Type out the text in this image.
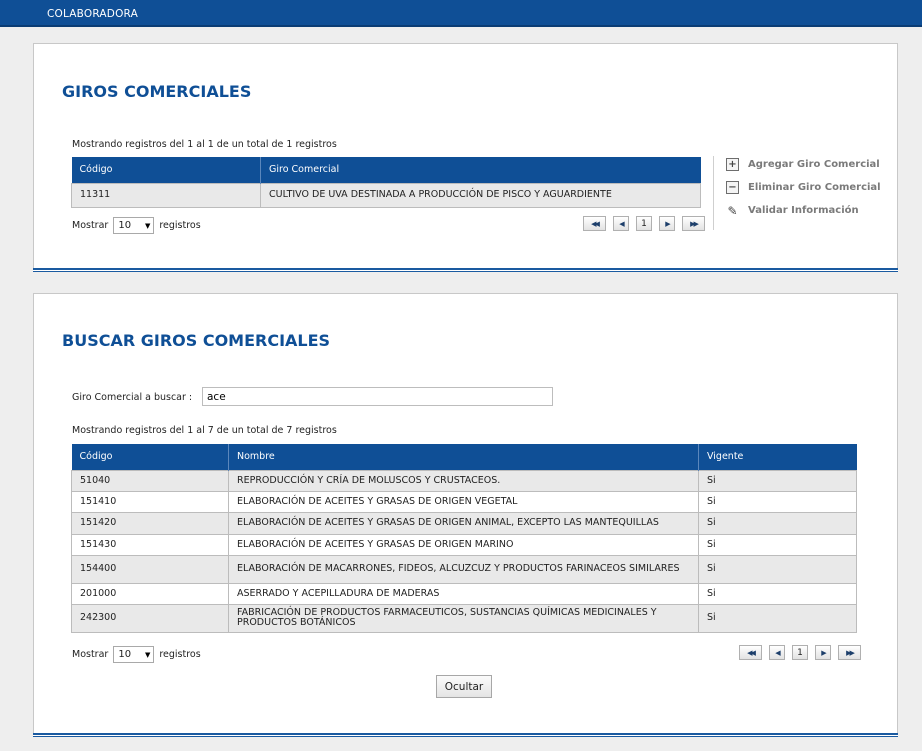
COLABORADORA
GIROS COMERCIALES
Mostrando registros del 1 al 1 de un total de 1 registros
Código	Giro Comercial
11311	CULTIVO DE UVA DESTINADA A PRODUCCIÓN DE PISCO Y AGUARDIENTE
Mostrar 10 ▼ registros	◀◀	◀	1	▶	▶▶
+ Agregar Giro Comercial
− Eliminar Giro Comercial
✎ Validar Información
BUSCAR GIROS COMERCIALES
Giro Comercial a buscar :
ace
Mostrando registros del 1 al 7 de un total de 7 registros
Código	Nombre	Vigente
51040	REPRODUCCIÓN Y CRÍA DE MOLUSCOS Y CRUSTACEOS.	Si
151410	ELABORACIÓN DE ACEITES Y GRASAS DE ORIGEN VEGETAL	Si
151420	ELABORACIÓN DE ACEITES Y GRASAS DE ORIGEN ANIMAL, EXCEPTO LAS MANTEQUILLAS	Si
151430	ELABORACIÓN DE ACEITES Y GRASAS DE ORIGEN MARINO	Si
154400	ELABORACIÓN DE MACARRONES, FIDEOS, ALCUZCUZ Y PRODUCTOS FARINACEOS SIMILARES	Si
201000	ASERRADO Y ACEPILLADURA DE MADERAS	Si
242300	FABRICACIÓN DE PRODUCTOS FARMACEUTICOS, SUSTANCIAS QUÍMICAS MEDICINALES Y PRODUCTOS BOTÁNICOS	Si
Mostrar 10 ▼ registros	◀◀	◀	1	▶	▶▶
Ocultar
